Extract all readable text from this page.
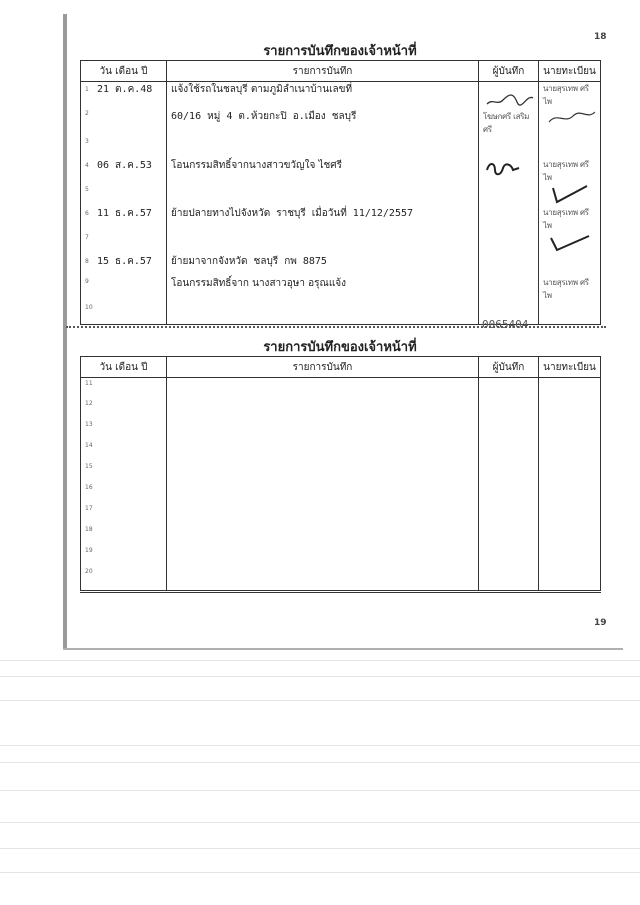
18
รายการบันทึกของเจ้าหน้าที่
วัน เดือน ปี	รายการบันทึก	ผู้บันทึก	นายทะเบียน
1 21 ต.ค.48	แจ้งใช้รถในชลบุรี ตามภูมิลำเนาบ้านเลขที่	โฆษกศรี เสริมศรี	นายสุรเทพ ศรีไพ

2	60/16 หมู่ 4 ต.ห้วยกะปิ อ.เมือง ชลบุรี		
3			
4 06 ส.ค.53	โอนกรรมสิทธิ์จากนางสาวขวัญใจ ไชศรี		นายสุรเทพ ศรีไพ
5			

6 11 ธ.ค.57	ย้ายปลายทางไปจังหวัด ราชบุรี เมื่อวันที่ 11/12/2557		นายสุรเทพ ศรีไพ
7			

8 15 ธ.ค.57	ย้ายมาจากจังหวัด ชลบุรี กพ 8875		
9	โอนกรรมสิทธิ์จาก นางสาวอุษา อรุณแจ้ง		นายสุรเทพ ศรีไพ
10			
0065404
รายการบันทึกของเจ้าหน้าที่
วัน เดือน ปี	รายการบันทึก	ผู้บันทึก	นายทะเบียน
11			
12			
13			
14			
15			
16			
17			
18			
19			
20			

19
